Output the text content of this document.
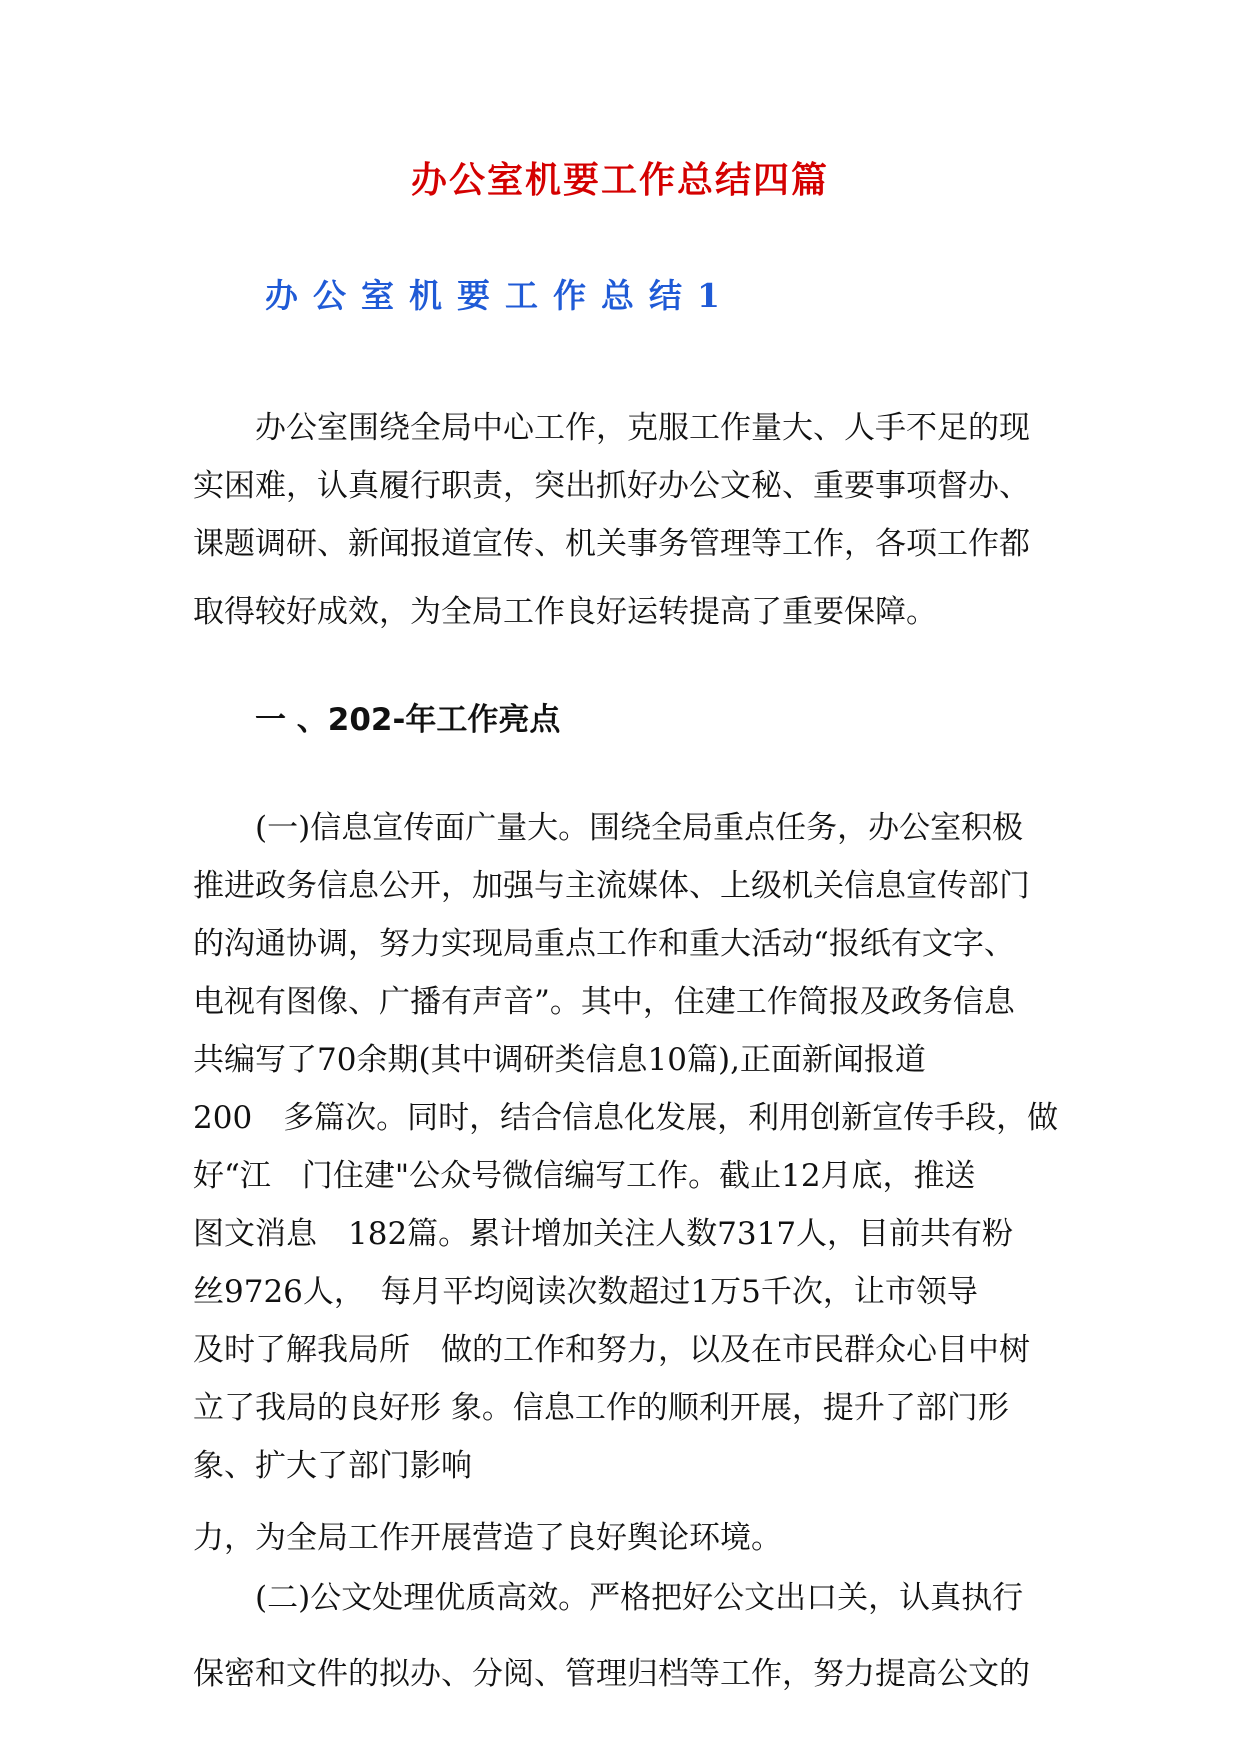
办公室机要工作总结四篇
办公室机要工作总结1

　　办公室围绕全局中心工作，克服工作量大、人手不足的现

实困难，认真履行职责，突出抓好办公文秘、重要事项督办、

课题调研、新闻报道宣传、机关事务管理等工作，各项工作都

取得较好成效，为全局工作良好运转提高了重要保障。

一 、202-年工作亮点

　　(一)信息宣传面广量大。围绕全局重点任务，办公室积极

推进政务信息公开，加强与主流媒体、上级机关信息宣传部门

的沟通协调，努力实现局重点工作和重大活动“报纸有文字、

电视有图像、广播有声音”。其中，住建工作简报及政务信息

共编写了70余期(其中调研类信息10篇),正面新闻报道

200　多篇次。同时，结合信息化发展，利用创新宣传手段，做

好“江　门住建"公众号微信编写工作。截止12月底，推送

图文消息　182篇。累计增加关注人数7317人，目前共有粉

丝9726人，　每月平均阅读次数超过1万5千次，让市领导

及时了解我局所　做的工作和努力，以及在市民群众心目中树

立了我局的良好形 象。信息工作的顺利开展，提升了部门形

象、扩大了部门影响

力，为全局工作开展营造了良好舆论环境。

　　(二)公文处理优质高效。严格把好公文出口关，认真执行

保密和文件的拟办、分阅、管理归档等工作，努力提高公文的
